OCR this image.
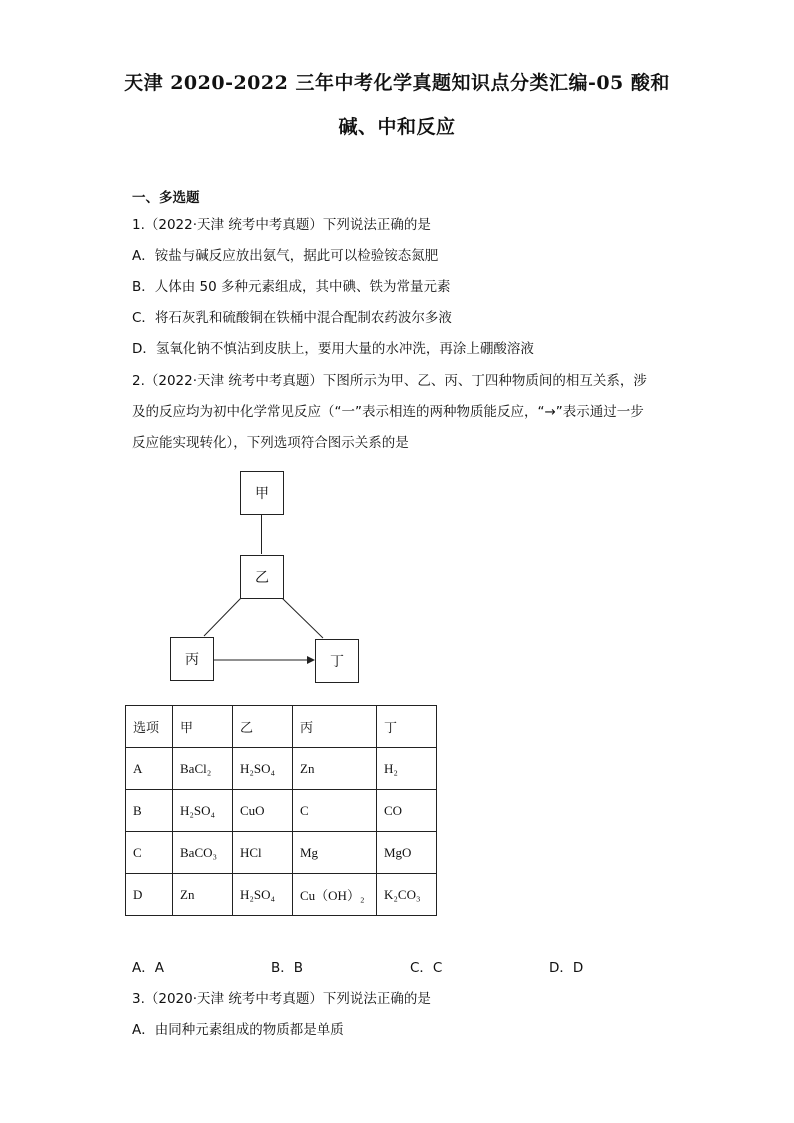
天津 2020-2022 三年中考化学真题知识点分类汇编-05 酸和
碱、中和反应
一、多选题
1.（2022·天津 统考中考真题）下列说法正确的是
A．铵盐与碱反应放出氨气，据此可以检验铵态氮肥
B．人体由 50 多种元素组成，其中碘、铁为常量元素
C．将石灰乳和硫酸铜在铁桶中混合配制农药波尔多液
D．氢氧化钠不慎沾到皮肤上，要用大量的水冲洗，再涂上硼酸溶液
2.（2022·天津 统考中考真题）下图所示为甲、乙、丙、丁四种物质间的相互关系，涉
及的反应均为初中化学常见反应（“一”表示相连的两种物质能反应，“→”表示通过一步
反应能实现转化），下列选项符合图示关系的是
甲
乙
丙	丁
选项	甲	乙	丙	丁
A	BaCl₂	H₂SO₄	Zn	H₂
B	H₂SO₄	CuO	C	CO
C	BaCO₃	HCl	Mg	MgO
D	Zn	H₂SO₄	Cu（OH）₂	K₂CO₃
A．A	B．B	C．C	D．D
3.（2020·天津 统考中考真题）下列说法正确的是
A．由同种元素组成的物质都是单质
